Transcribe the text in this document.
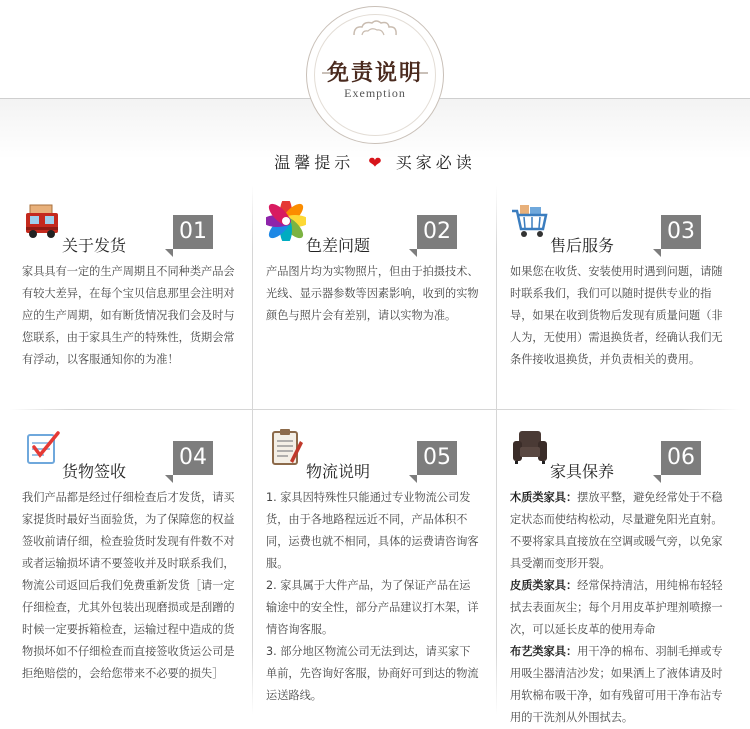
免责说明
Exemption
温馨提示 ❤ 买家必读
关于发货
01

家具具有一定的生产周期且不同种类产品会有较大差异，在每个宝贝信息那里会注明对应的生产周期，如有断货情况我们会及时与您联系，由于家具生产的特殊性，货期会常有浮动，以客服通知你的为准！

色差问题
02

产品图片均为实物照片，但由于拍摄技术、光线、显示器参数等因素影响，收到的实物颜色与照片会有差别，请以实物为准。

售后服务
03

如果您在收货、安装使用时遇到问题，请随时联系我们，我们可以随时提供专业的指导，如果在收到货物后发现有质量问题（非人为，无使用）需退换货者，经确认我们无条件接收退换货，并负责相关的费用。

货物签收
04

我们产品都是经过仔细检查后才发货，请买家提货时最好当面验货，为了保障您的权益签收前请仔细，检查验货时发现有件数不对或者运输损坏请不要签收并及时联系我们，物流公司返回后我们免费重新发货［请一定仔细检查，尤其外包装出现磨损或是刮蹭的时候一定要拆箱检查，运输过程中造成的货物损坏如不仔细检查而直接签收货运公司是拒绝赔偿的，会给您带来不必要的损失］

物流说明
05

1. 家具因特殊性只能通过专业物流公司发货，由于各地路程远近不同，产品体积不同，运费也就不相同，具体的运费请咨询客服。

2. 家具属于大件产品，为了保证产品在运输途中的安全性，部分产品建议打木架，详情咨询客服。

3. 部分地区物流公司无法到达，请买家下单前，先咨询好客服，协商好可到达的物流运送路线。

家具保养
06

木质类家具：摆放平整，避免经常处于不稳定状态而使结构松动，尽量避免阳光直射。不要将家具直接放在空调或暖气旁，以免家具受潮而变形开裂。

皮质类家具：经常保持清洁，用纯棉布轻轻拭去表面灰尘；每个月用皮革护理剂喷擦一次，可以延长皮革的使用寿命

布艺类家具：用干净的棉布、羽制毛掸或专用吸尘器清洁沙发；如果洒上了液体请及时用软棉布吸干净，如有残留可用干净布沾专用的干洗剂从外围拭去。
